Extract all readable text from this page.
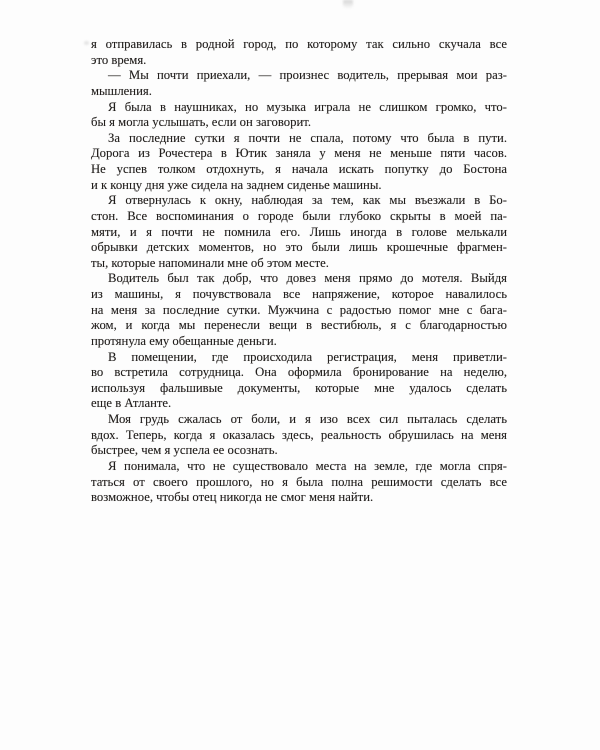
я отправилась в родной город, по которому так сильно скучала все
это время.
— Мы почти приехали, — произнес водитель, прерывая мои раз-
мышления.
Я была в наушниках, но музыка играла не слишком громко, что-
бы я могла услышать, если он заговорит.
За последние сутки я почти не спала, потому что была в пути.
Дорога из Рочестера в Ютик заняла у меня не меньше пяти часов.
Не успев толком отдохнуть, я начала искать попутку до Бостона
и к концу дня уже сидела на заднем сиденье машины.
Я отвернулась к окну, наблюдая за тем, как мы въезжали в Бо-
стон. Все воспоминания о городе были глубоко скрыты в моей па-
мяти, и я почти не помнила его. Лишь иногда в голове мелькали
обрывки детских моментов, но это были лишь крошечные фрагмен-
ты, которые напоминали мне об этом месте.
Водитель был так добр, что довез меня прямо до мотеля. Выйдя
из машины, я почувствовала все напряжение, которое навалилось
на меня за последние сутки. Мужчина с радостью помог мне с бага-
жом, и когда мы перенесли вещи в вестибюль, я с благодарностью
протянула ему обещанные деньги.
В помещении, где происходила регистрация, меня приветли-
во встретила сотрудница. Она оформила бронирование на неделю,
используя фальшивые документы, которые мне удалось сделать
еще в Атланте.
Моя грудь сжалась от боли, и я изо всех сил пыталась сделать
вдох. Теперь, когда я оказалась здесь, реальность обрушилась на меня
быстрее, чем я успела ее осознать.
Я понимала, что не существовало места на земле, где могла спря-
таться от своего прошлого, но я была полна решимости сделать все
возможное, чтобы отец никогда не смог меня найти.
